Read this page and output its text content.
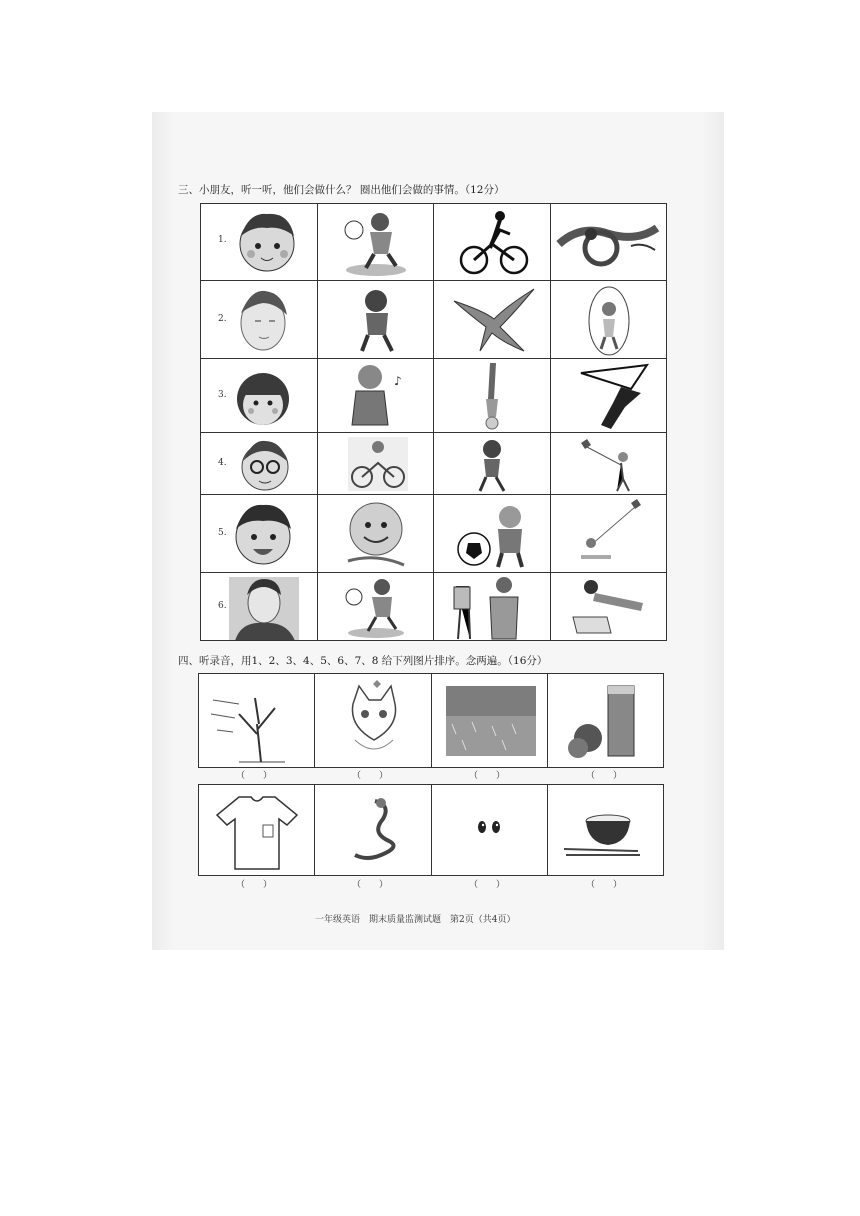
三、小朋友，听一听，他们会做什么？ 圈出他们会做的事情。（12分）
1.
2.
3.
♪
4.
5.
6.
四、听录音，用1、2、3、4、5、6、7、8 给下列图片排序。念两遍。（16分）
（　　）	（　　）	（　　）	（　　）
（　　）	（　　）	（　　）	（　　）
一年级英语　期末质量监测试题　第2页（共4页）
